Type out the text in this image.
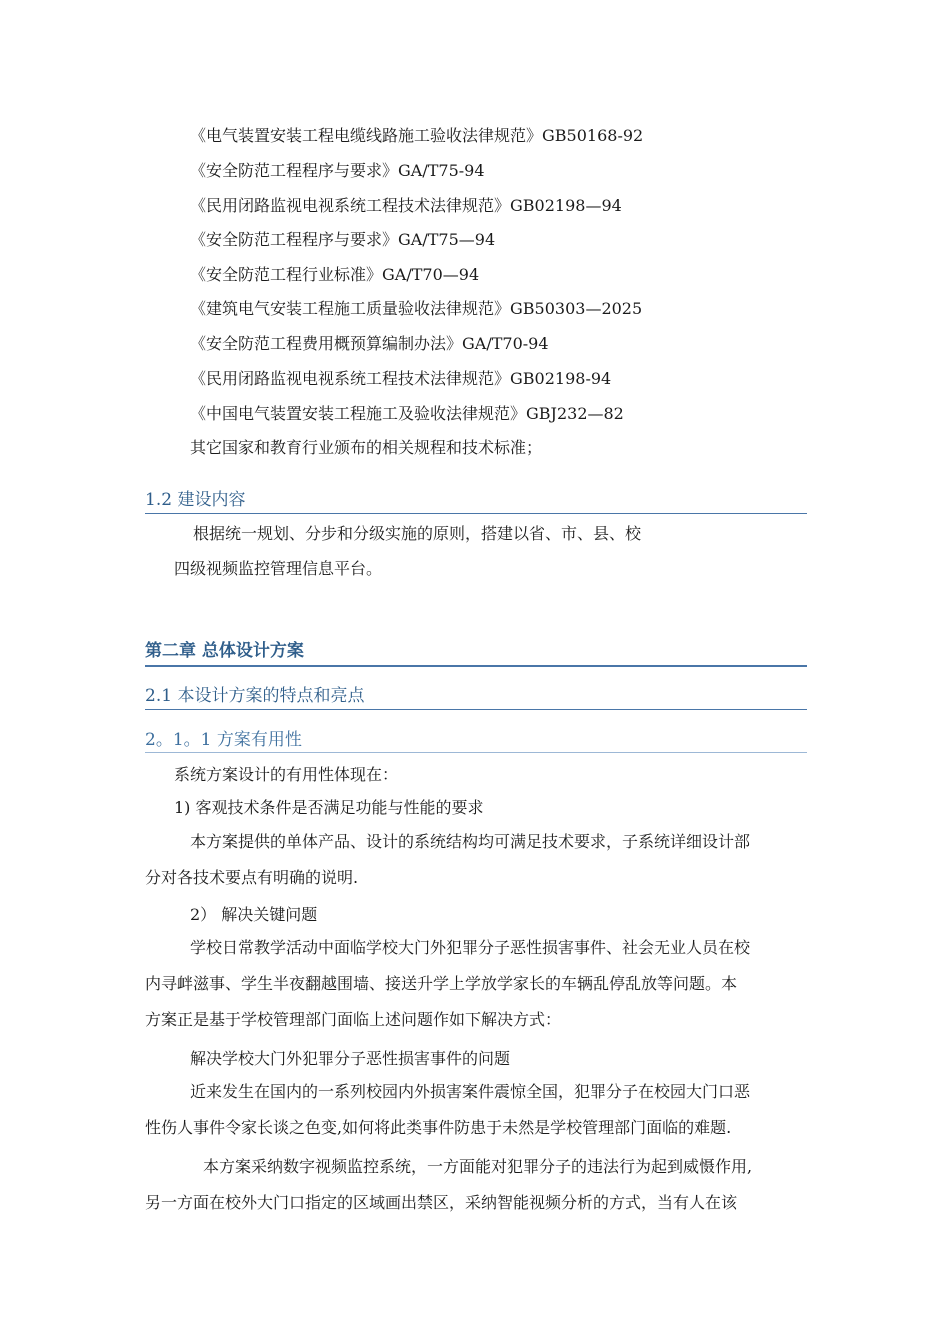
《电气装置安装工程电缆线路施工验收法律规范》GB50168-92
《安全防范工程程序与要求》GA/T75-94
《民用闭路监视电视系统工程技术法律规范》GB02198—94
《安全防范工程程序与要求》GA/T75—94
《安全防范工程行业标准》GA/T70—94
《建筑电气安装工程施工质量验收法律规范》GB50303—2025
《安全防范工程费用概预算编制办法》GA/T70-94
《民用闭路监视电视系统工程技术法律规范》GB02198-94
《中国电气装置安装工程施工及验收法律规范》GBJ232—82
其它国家和教育行业颁布的相关规程和技术标准；
1.2 建设内容
根据统一规划、分步和分级实施的原则，搭建以省、市、县、校
四级视频监控管理信息平台。
第二章 总体设计方案
2.1 本设计方案的特点和亮点
2。1。1 方案有用性
系统方案设计的有用性体现在：
1) 客观技术条件是否满足功能与性能的要求
本方案提供的单体产品、设计的系统结构均可满足技术要求，子系统详细设计部
分对各技术要点有明确的说明.
2） 解决关键问题
学校日常教学活动中面临学校大门外犯罪分子恶性损害事件、社会无业人员在校
内寻衅滋事、学生半夜翻越围墙、接送升学上学放学家长的车辆乱停乱放等问题。本
方案正是基于学校管理部门面临上述问题作如下解决方式：
解决学校大门外犯罪分子恶性损害事件的问题
近来发生在国内的一系列校园内外损害案件震惊全国，犯罪分子在校园大门口恶
性伤人事件令家长谈之色变,如何将此类事件防患于未然是学校管理部门面临的难题.
本方案采纳数字视频监控系统，一方面能对犯罪分子的违法行为起到威慑作用,
另一方面在校外大门口指定的区域画出禁区，采纳智能视频分析的方式，当有人在该
